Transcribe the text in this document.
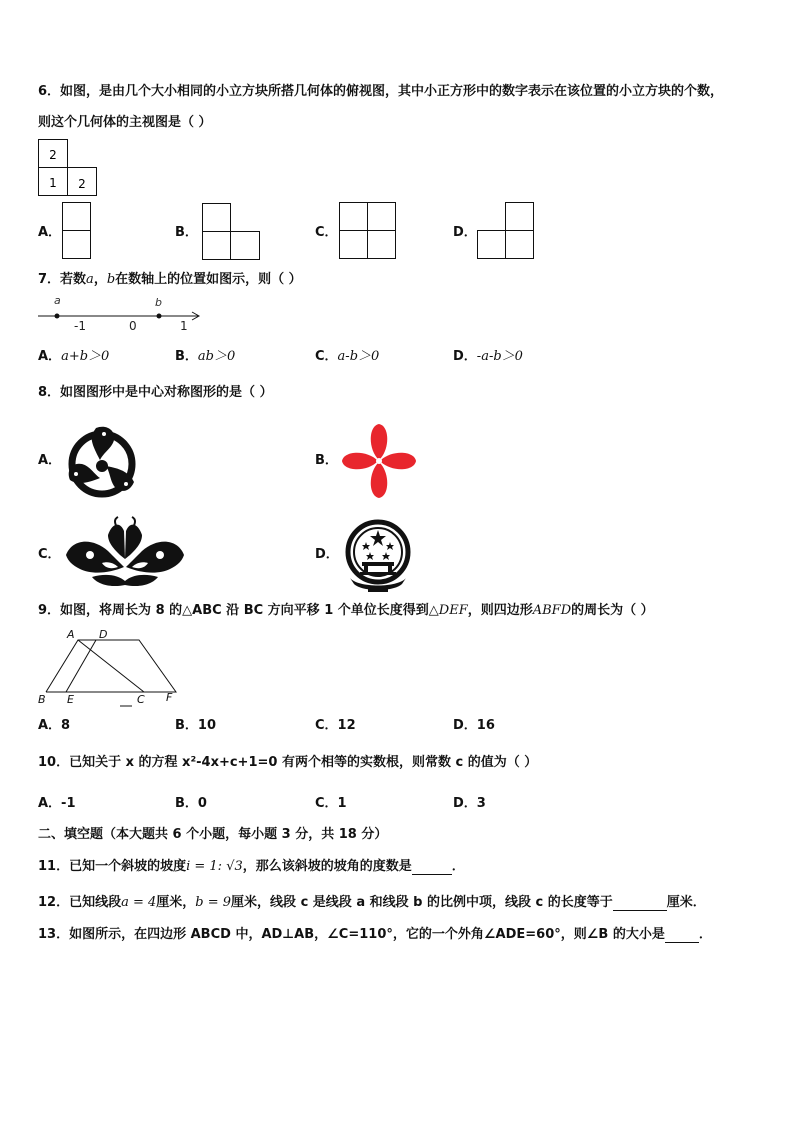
6．如图，是由几个大小相同的小立方块所搭几何体的俯视图，其中小正方形中的数字表示在该位置的小立方块的个数，
则这个几何体的主视图是（ ）
2
1 2
A．	B．	C．	D．
7．若数a，b在数轴上的位置如图示，则（ ）
a	b
-1	0	1
A．a+b＞0	B．ab＞0	C．a-b＞0	D．-a-b＞0
8．如图图形中是中心对称图形的是（ ）
A．	B．
C．	D．
9．如图，将周长为 8 的△ABC 沿 BC 方向平移 1 个单位长度得到△DEF，则四边形ABFD的周长为（ ）
A D
B E	C F
A．8	B．10	C．12	D．16
10．已知关于 x 的方程 x²-4x+c+1=0 有两个相等的实数根，则常数 c 的值为（ ）
A．-1	B．0	C．1	D．3
二、填空题（本大题共 6 个小题，每小题 3 分，共 18 分）
11．已知一个斜坡的坡度i = 1: √3，那么该斜坡的坡角的度数是	．
12．已知线段a = 4厘米，b = 9厘米，线段 c 是线段 a 和线段 b 的比例中项，线段 c 的长度等于	厘米．
13．如图所示，在四边形 ABCD 中，AD⊥AB，∠C=110°，它的一个外角∠ADE=60°，则∠B 的大小是	．
